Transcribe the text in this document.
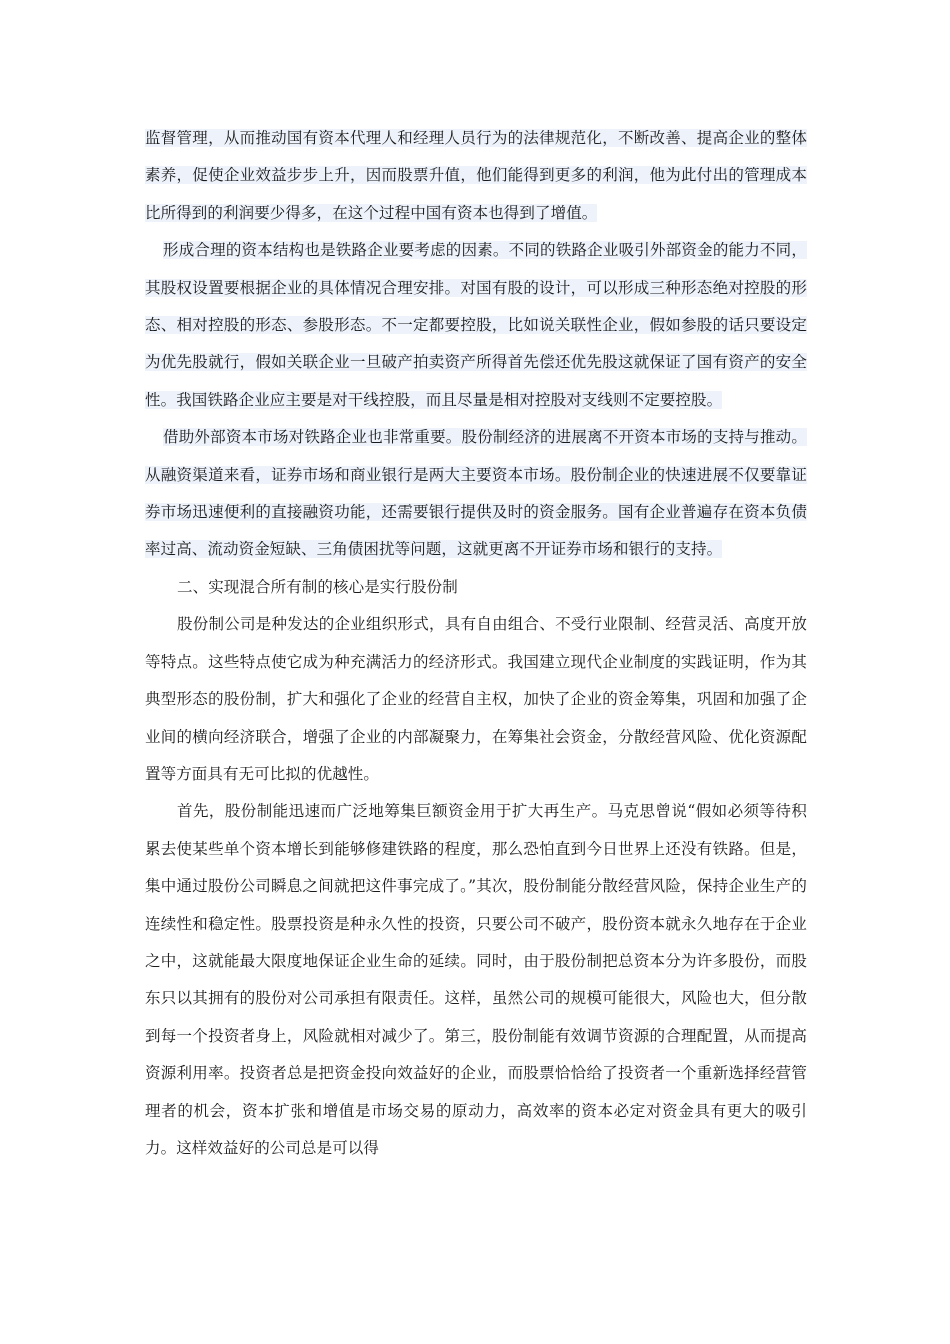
监督管理，从而推动国有资本代理人和经理人员行为的法律规范化，不断改善、提高企业的整体素养，促使企业效益步步上升，因而股票升值，他们能得到更多的利润，他为此付出的管理成本比所得到的利润要少得多，在这个过程中国有资本也得到了增值。

形成合理的资本结构也是铁路企业要考虑的因素。不同的铁路企业吸引外部资金的能力不同，其股权设置要根据企业的具体情况合理安排。对国有股的设计，可以形成三种形态绝对控股的形态、相对控股的形态、参股形态。不一定都要控股，比如说关联性企业，假如参股的话只要设定为优先股就行，假如关联企业一旦破产拍卖资产所得首先偿还优先股这就保证了国有资产的安全性。我国铁路企业应主要是对干线控股，而且尽量是相对控股对支线则不定要控股。

借助外部资本市场对铁路企业也非常重要。股份制经济的进展离不开资本市场的支持与推动。从融资渠道来看，证券市场和商业银行是两大主要资本市场。股份制企业的快速进展不仅要靠证券市场迅速便利的直接融资功能，还需要银行提供及时的资金服务。国有企业普遍存在资本负债率过高、流动资金短缺、三角债困扰等问题，这就更离不开证券市场和银行的支持。

二、实现混合所有制的核心是实行股份制

股份制公司是种发达的企业组织形式，具有自由组合、不受行业限制、经营灵活、高度开放等特点。这些特点使它成为种充满活力的经济形式。我国建立现代企业制度的实践证明，作为其典型形态的股份制，扩大和强化了企业的经营自主权，加快了企业的资金筹集，巩固和加强了企业间的横向经济联合，增强了企业的内部凝聚力，在筹集社会资金，分散经营风险、优化资源配置等方面具有无可比拟的优越性。

首先，股份制能迅速而广泛地筹集巨额资金用于扩大再生产。马克思曾说“假如必须等待积累去使某些单个资本增长到能够修建铁路的程度，那么恐怕直到今日世界上还没有铁路。但是，集中通过股份公司瞬息之间就把这件事完成了。”其次，股份制能分散经营风险，保持企业生产的连续性和稳定性。股票投资是种永久性的投资，只要公司不破产，股份资本就永久地存在于企业之中，这就能最大限度地保证企业生命的延续。同时，由于股份制把总资本分为许多股份，而股东只以其拥有的股份对公司承担有限责任。这样，虽然公司的规模可能很大，风险也大，但分散到每一个投资者身上，风险就相对减少了。第三，股份制能有效调节资源的合理配置，从而提高资源利用率。投资者总是把资金投向效益好的企业，而股票恰恰给了投资者一个重新选择经营管理者的机会，资本扩张和增值是市场交易的原动力，高效率的资本必定对资金具有更大的吸引力。这样效益好的公司总是可以得
